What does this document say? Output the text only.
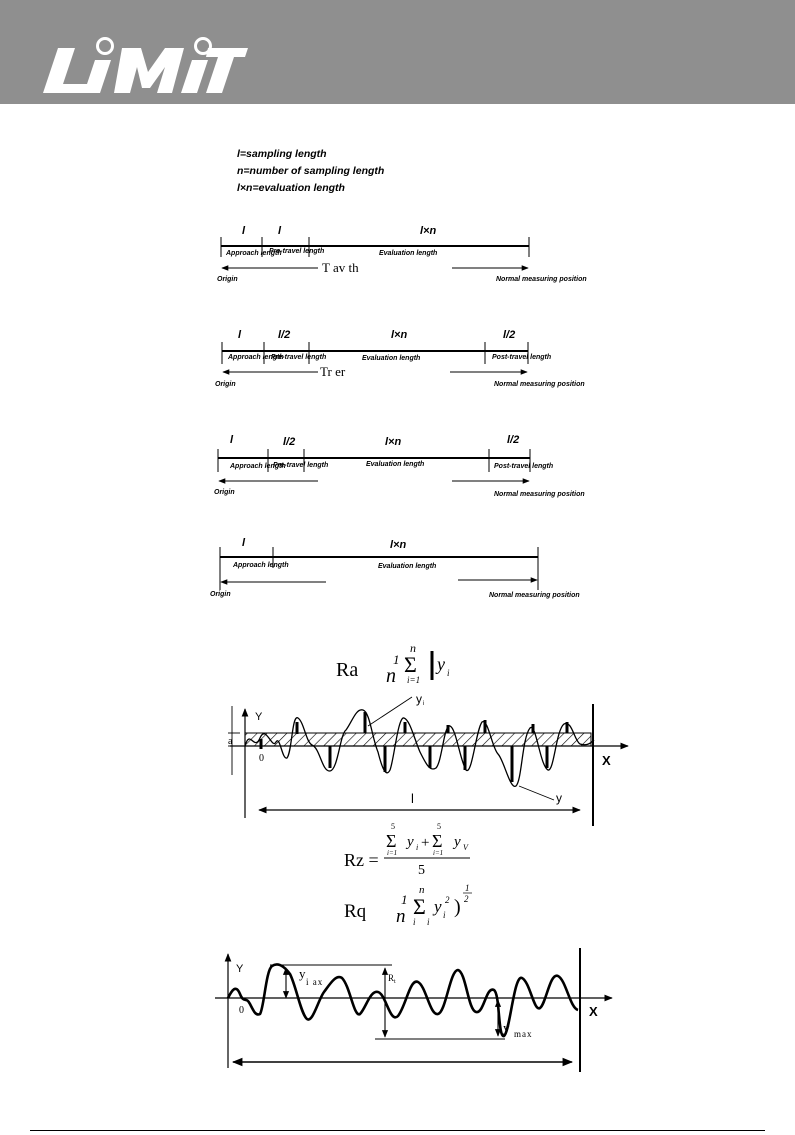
l=sampling length
n=number of sampling length
l×n=evaluation length
l	l	l×n
Approach length
Pre-travel length	Evaluation length
T av th
Origin	Normal measuring position
l	l/2	l×n	l/2
Approach length
Pre-travel length	Evaluation length	Post-travel length
Tr er
Origin	Normal measuring position
l	l/2	l×n	l/2
Approach length
Pre-travel length	Evaluation length	Post-travel length
Origin	Normal measuring position
l	l×n
Approach length	Evaluation length
Origin	Normal measuring position
Ra	1
n
n
Σ
i=1
y i
Y
X
0
a
y i
y
l
Rz =
5
Σ
i=1
y i +
5
Σ
i=1
y V
5
Rq
1
n
n
Σ
i i
y i
2 )
1
2
Y
X
0
y
i ax	R t
y max
